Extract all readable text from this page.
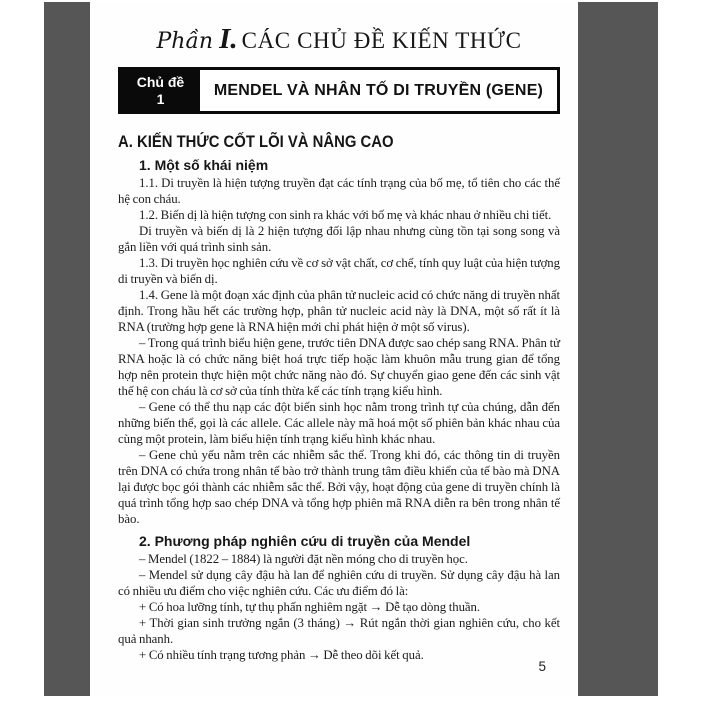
Phần I. CÁC CHỦ ĐỀ KIẾN THỨC
Chủ đề
1	MENDEL VÀ NHÂN TỐ DI TRUYỀN (GENE)
A. KIẾN THỨC CỐT LÕI VÀ NÂNG CAO
1. Một số khái niệm

1.1. Di truyền là hiện tượng truyền đạt các tính trạng của bố mẹ, tổ tiên cho các thế hệ con cháu.

1.2. Biến dị là hiện tượng con sinh ra khác với bố mẹ và khác nhau ở nhiều chi tiết.

Di truyền và biến dị là 2 hiện tượng đối lập nhau nhưng cùng tồn tại song song và gắn liền với quá trình sinh sản.

1.3. Di truyền học nghiên cứu về cơ sở vật chất, cơ chế, tính quy luật của hiện tượng di truyền và biến dị.

1.4. Gene là một đoạn xác định của phân tử nucleic acid có chức năng di truyền nhất định. Trong hầu hết các trường hợp, phân tử nucleic acid này là DNA, một số rất ít là RNA (trường hợp gene là RNA hiện mới chỉ phát hiện ở một số virus).

– Trong quá trình biểu hiện gene, trước tiên DNA được sao chép sang RNA. Phân tử RNA hoặc là có chức năng biệt hoá trực tiếp hoặc làm khuôn mẫu trung gian để tổng hợp nên protein thực hiện một chức năng nào đó. Sự chuyển giao gene đến các sinh vật thế hệ con cháu là cơ sở của tính thừa kế các tính trạng kiểu hình.

– Gene có thể thu nạp các đột biến sinh học nằm trong trình tự của chúng, dẫn đến những biến thể, gọi là các allele. Các allele này mã hoá một số phiên bản khác nhau của cùng một protein, làm biểu hiện tính trạng kiểu hình khác nhau.

– Gene chủ yếu nằm trên các nhiễm sắc thể. Trong khi đó, các thông tin di truyền trên DNA có chứa trong nhân tế bào trở thành trung tâm điều khiển của tế bào mà DNA lại được bọc gói thành các nhiễm sắc thể. Bởi vậy, hoạt động của gene di truyền chính là quá trình tổng hợp sao chép DNA và tổng hợp phiên mã RNA diễn ra bên trong nhân tế bào.

2. Phương pháp nghiên cứu di truyền của Mendel

– Mendel (1822 – 1884) là người đặt nền móng cho di truyền học.

– Mendel sử dụng cây đậu hà lan để nghiên cứu di truyền. Sử dụng cây đậu hà lan có nhiều ưu điểm cho việc nghiên cứu. Các ưu điểm đó là:

+ Có hoa lưỡng tính, tự thụ phấn nghiêm ngặt → Dễ tạo dòng thuần.

+ Thời gian sinh trưởng ngắn (3 tháng) → Rút ngắn thời gian nghiên cứu, cho kết quả nhanh.

+ Có nhiều tính trạng tương phản → Dễ theo dõi kết quả.

5
